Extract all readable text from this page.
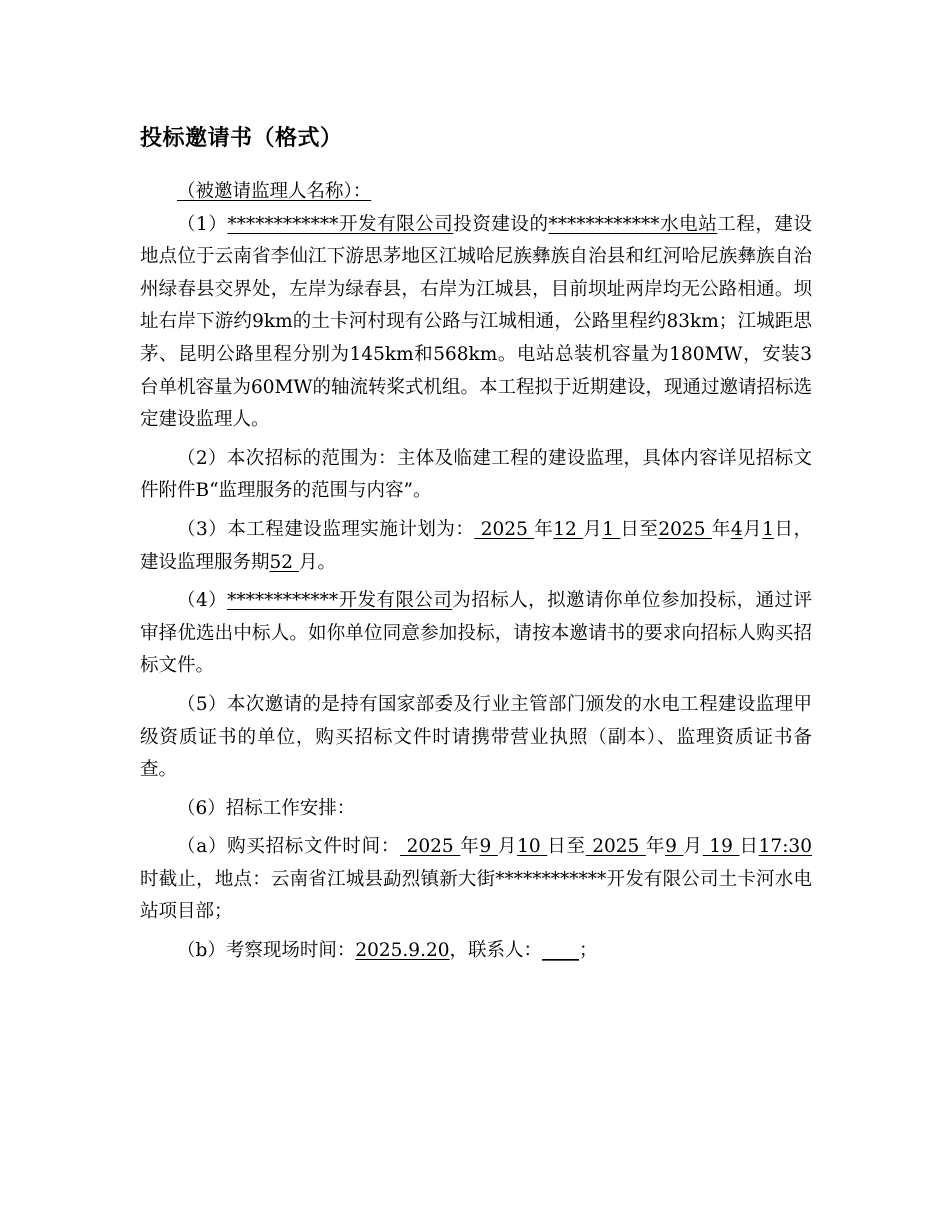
投标邀请书（格式）

（被邀请监理人名称）：

（1）************开发有限公司投资建设的************水电站工程，建设地点位于云南省李仙江下游思茅地区江城哈尼族彝族自治县和红河哈尼族彝族自治州绿春县交界处，左岸为绿春县，右岸为江城县，目前坝址两岸均无公路相通。坝址右岸下游约9km的土卡河村现有公路与江城相通，公路里程约83km；江城距思茅、昆明公路里程分别为145km和568km。电站总装机容量为180MW，安装3台单机容量为60MW的轴流转桨式机组。本工程拟于近期建设，现通过邀请招标选定建设监理人。

（2）本次招标的范围为：主体及临建工程的建设监理，具体内容详见招标文件附件B“监理服务的范围与内容”。

（3）本工程建设监理实施计划为： 2025 年12 月1 日至2025 年4月1日，建设监理服务期52 月。

（4）************开发有限公司为招标人，拟邀请你单位参加投标，通过评审择优选出中标人。如你单位同意参加投标，请按本邀请书的要求向招标人购买招标文件。

（5）本次邀请的是持有国家部委及行业主管部门颁发的水电工程建设监理甲级资质证书的单位，购买招标文件时请携带营业执照（副本）、监理资质证书备查。

（6）招标工作安排：

（a）购买招标文件时间： 2025 年9 月10 日至 2025 年9 月 19 日17:30 时截止，地点：云南省江城县勐烈镇新大街************开发有限公司土卡河水电站项目部；

（b）考察现场时间：2025.9.20，联系人：____；
